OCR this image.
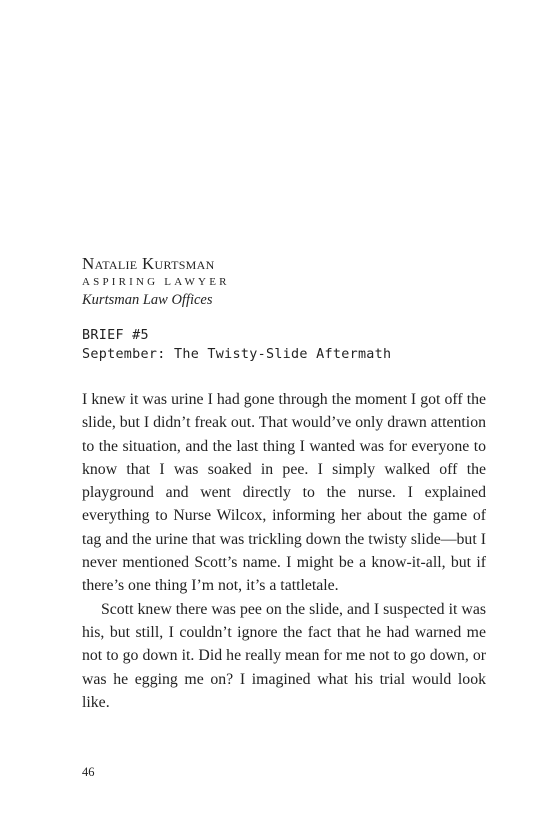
Natalie Kurtsman

ASPIRING LAWYER

Kurtsman Law Offices

BRIEF #5
September: The Twisty-Slide Aftermath

I knew it was urine I had gone through the moment I got off the slide, but I didn’t freak out. That would’ve only drawn attention to the situation, and the last thing I wanted was for everyone to know that I was soaked in pee. I simply walked off the playground and went directly to the nurse. I explained everything to Nurse Wilcox, informing her about the game of tag and the urine that was trickling down the twisty slide—but I never mentioned Scott’s name. I might be a know-it-all, but if there’s one thing I’m not, it’s a tattletale.

Scott knew there was pee on the slide, and I suspected it was his, but still, I couldn’t ignore the fact that he had warned me not to go down it. Did he really mean for me not to go down, or was he egging me on? I imagined what his trial would look like.

46
